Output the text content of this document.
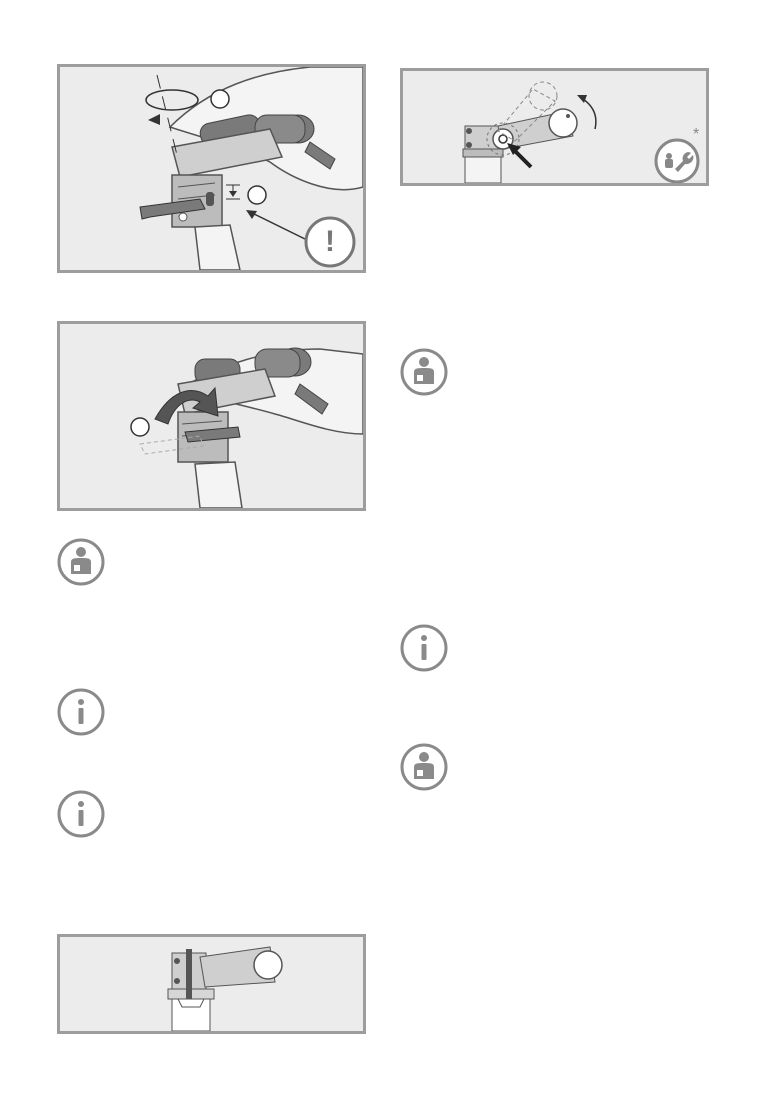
!
*
